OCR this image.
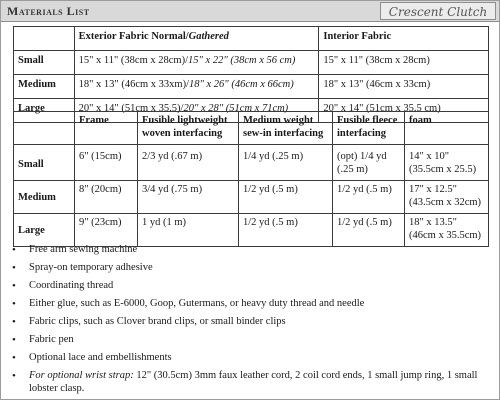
Materials List	Crescent Clutch
	Exterior Fabric Normal/Gathered	Interior Fabric
Small	15" x 11" (38cm x 28cm)/15" x 22" (38cm x 56 cm)	15" x 11" (38cm x 28cm)
Medium	18" x 13" (46cm x 33xm)/18" x 26" (46cm x 66cm)	18" x 13" (46cm x 33cm)
Large	20" x 14" (51cm x 35.5)/20" x 28" (51cm x 71cm)	20" x 14" (51cm x 35.5 cm)
	Frame	Fusible lightweight woven interfacing	Medium weight sew-in interfacing	Fusible fleece interfacing	foam
Small	6" (15cm)	2/3 yd (.67 m)	1/4 yd (.25 m)	(opt) 1/4 yd (.25 m)	14" x 10" (35.5cm x 25.5)
Medium	8" (20cm)	3/4 yd (.75 m)	1/2 yd (.5 m)	1/2 yd (.5 m)	17" x 12.5" (43.5cm x 32cm)
Large	9" (23cm)	1 yd (1 m)	1/2 yd (.5 m)	1/2 yd (.5 m)	18" x 13.5" (46cm x 35.5cm)
• Free arm sewing machine
• Spray-on temporary adhesive
• Coordinating thread
• Either glue, such as E-6000, Goop, Gutermans, or heavy duty thread and needle
• Fabric clips, such as Clover brand clips, or small binder clips
• Fabric pen
• Optional lace and embellishments
• For optional wrist strap: 12" (30.5cm) 3mm faux leather cord, 2 coil cord ends, 1 small jump ring, 1 small lobster clasp.
